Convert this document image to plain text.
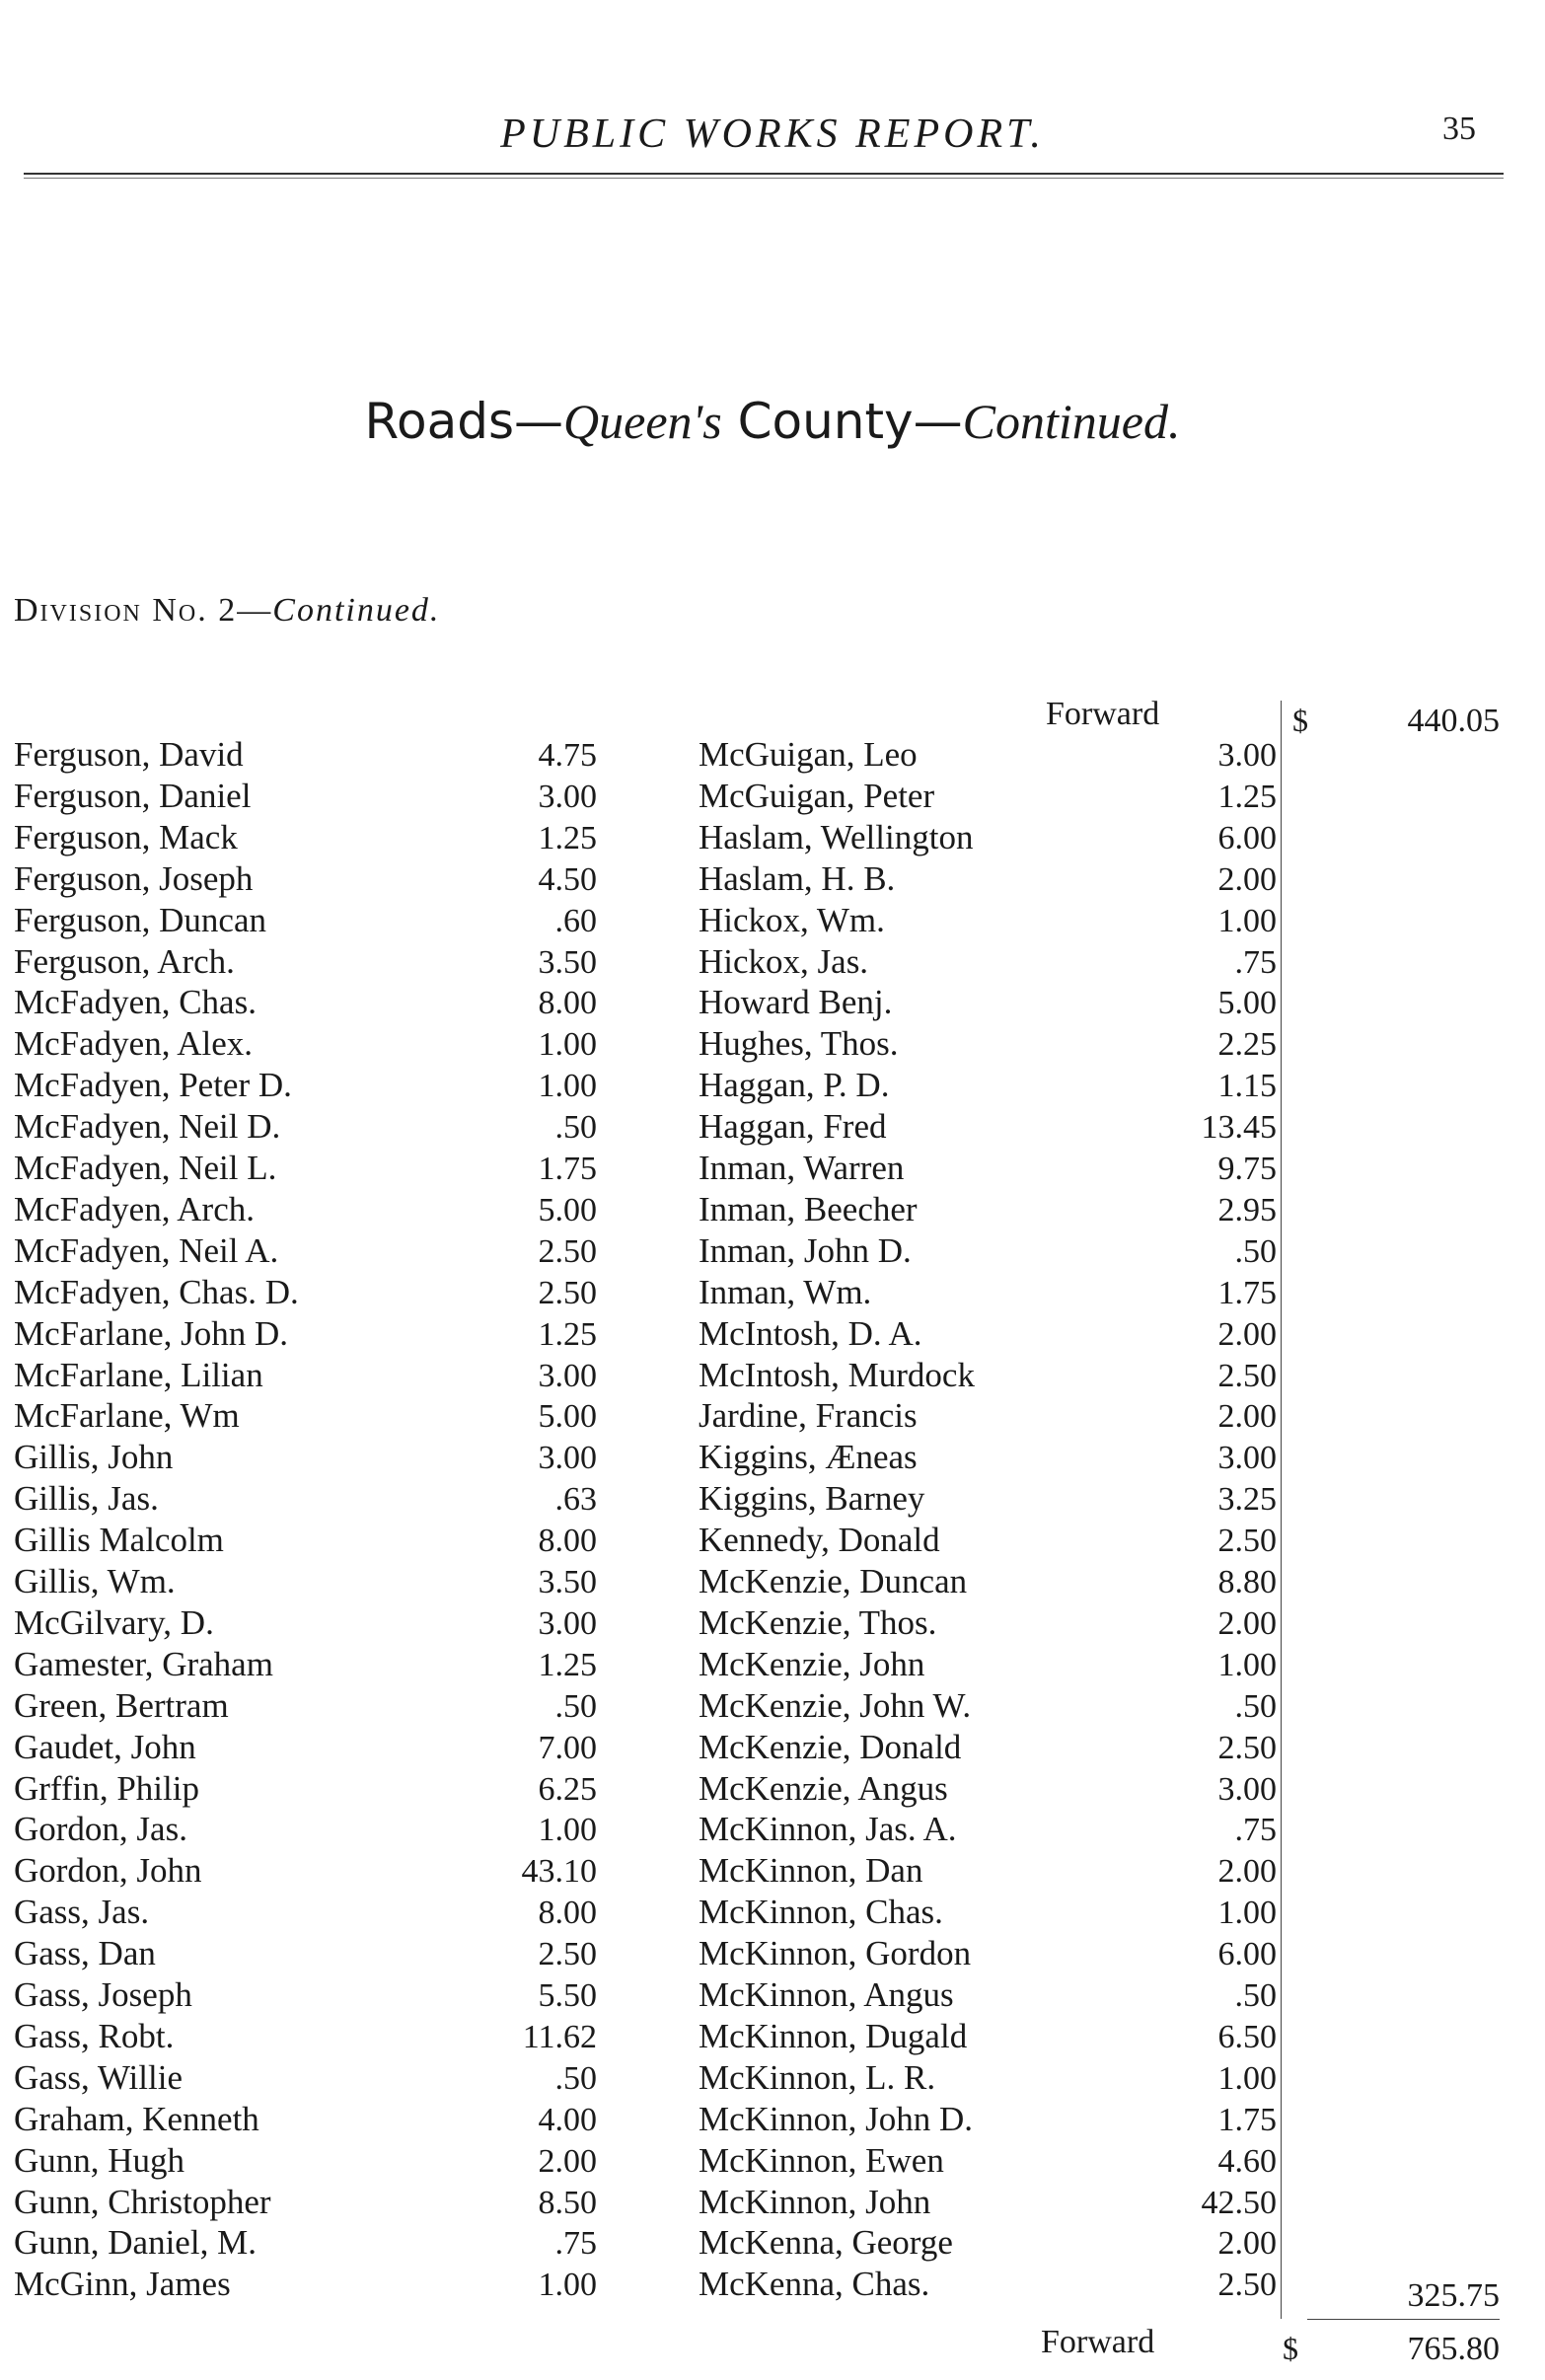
PUBLIC WORKS REPORT.	35
Roads—Queen's County—Continued.
Division No. 2—Continued.
Forward	$	440.05
Ferguson, David	4.75
Ferguson, Daniel	3.00
Ferguson, Mack	1.25
Ferguson, Joseph	4.50
Ferguson, Duncan	.60
Ferguson, Arch.	3.50
McFadyen, Chas.	8.00
McFadyen, Alex.	1.00
McFadyen, Peter D.	1.00
McFadyen, Neil D.	.50
McFadyen, Neil L.	1.75
McFadyen, Arch.	5.00
McFadyen, Neil A.	2.50
McFadyen, Chas. D.	2.50
McFarlane, John D.	1.25
McFarlane, Lilian	3.00
McFarlane, Wm	5.00
Gillis, John	3.00
Gillis, Jas.	.63
Gillis Malcolm	8.00
Gillis, Wm.	3.50
McGilvary, D.	3.00
Gamester, Graham	1.25
Green, Bertram	.50
Gaudet, John	7.00
Grffin, Philip	6.25
Gordon, Jas.	1.00
Gordon, John	43.10
Gass, Jas.	8.00
Gass, Dan	2.50
Gass, Joseph	5.50
Gass, Robt.	11.62
Gass, Willie	.50
Graham, Kenneth	4.00
Gunn, Hugh	2.00
Gunn, Christopher	8.50
Gunn, Daniel, M.	.75
McGinn, James	1.00
McGuigan, Leo	3.00
McGuigan, Peter	1.25
Haslam, Wellington	6.00
Haslam, H. B.	2.00
Hickox, Wm.	1.00
Hickox, Jas.	.75
Howard Benj.	5.00
Hughes, Thos.	2.25
Haggan, P. D.	1.15
Haggan, Fred	13.45
Inman, Warren	9.75
Inman, Beecher	2.95
Inman, John D.	.50
Inman, Wm.	1.75
McIntosh, D. A.	2.00
McIntosh, Murdock	2.50
Jardine, Francis	2.00
Kiggins, Æneas	3.00
Kiggins, Barney	3.25
Kennedy, Donald	2.50
McKenzie, Duncan	8.80
McKenzie, Thos.	2.00
McKenzie, John	1.00
McKenzie, John W.	.50
McKenzie, Donald	2.50
McKenzie, Angus	3.00
McKinnon, Jas. A.	.75
McKinnon, Dan	2.00
McKinnon, Chas.	1.00
McKinnon, Gordon	6.00
McKinnon, Angus	.50
McKinnon, Dugald	6.50
McKinnon, L. R.	1.00
McKinnon, John D.	1.75
McKinnon, Ewen	4.60
McKinnon, John	42.50
McKenna, George	2.00
McKenna, Chas.	2.50	325.75
Forward	$	765.80
